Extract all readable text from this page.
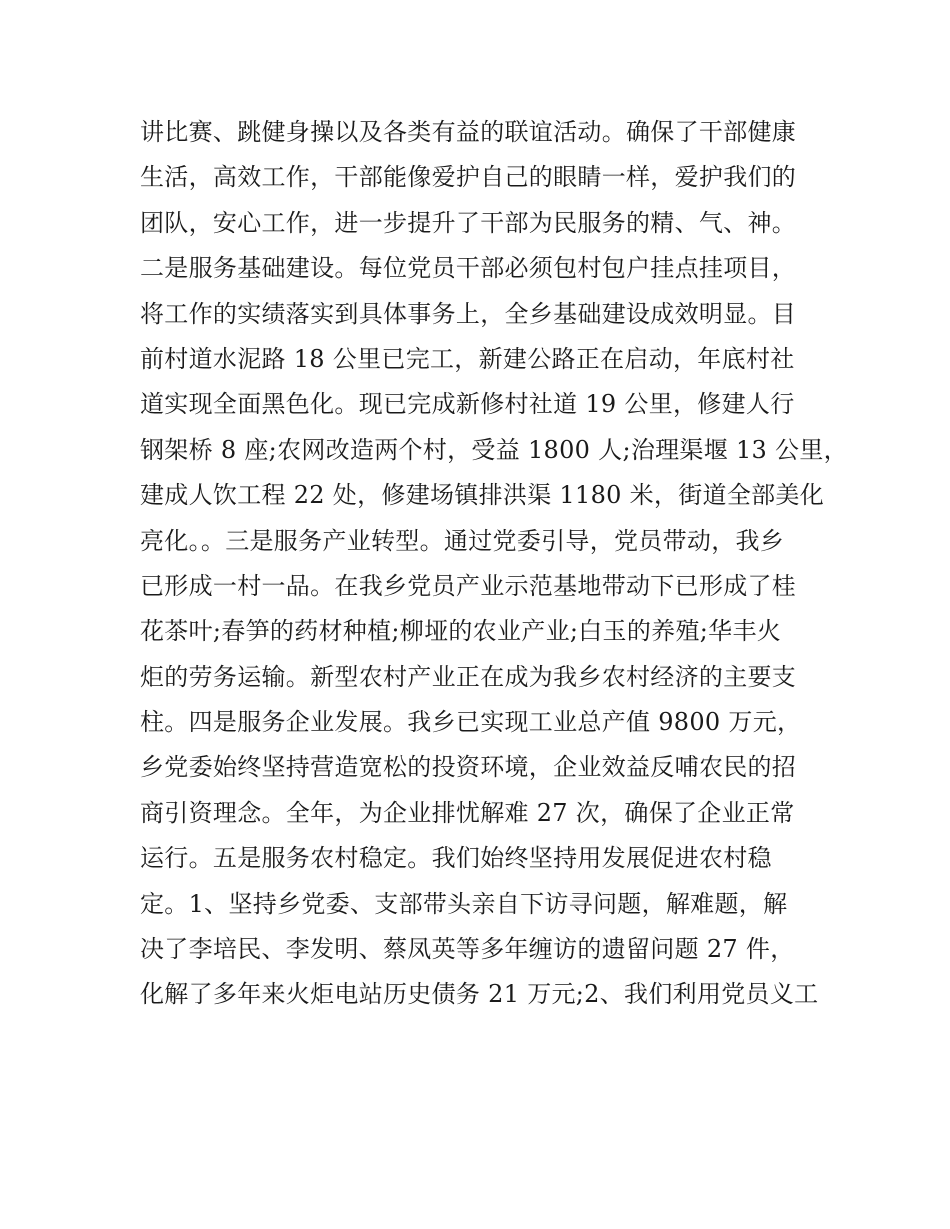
讲比赛、跳健身操以及各类有益的联谊活动。确保了干部健康
生活，高效工作，干部能像爱护自己的眼睛一样，爱护我们的
团队，安心工作，进一步提升了干部为民服务的精、气、神。
二是服务基础建设。每位党员干部必须包村包户挂点挂项目，
将工作的实绩落实到具体事务上，全乡基础建设成效明显。目
前村道水泥路 18 公里已完工，新建公路正在启动，年底村社
道实现全面黑色化。现已完成新修村社道 19 公里，修建人行
钢架桥 8 座;农网改造两个村，受益 1800 人;治理渠堰 13 公里，
建成人饮工程 22 处，修建场镇排洪渠 1180 米，街道全部美化
亮化。。三是服务产业转型。通过党委引导，党员带动，我乡
已形成一村一品。在我乡党员产业示范基地带动下已形成了桂
花茶叶;春笋的药材种植;柳垭的农业产业;白玉的养殖;华丰火
炬的劳务运输。新型农村产业正在成为我乡农村经济的主要支
柱。四是服务企业发展。我乡已实现工业总产值 9800 万元，
乡党委始终坚持营造宽松的投资环境，企业效益反哺农民的招
商引资理念。全年，为企业排忧解难 27 次，确保了企业正常
运行。五是服务农村稳定。我们始终坚持用发展促进农村稳
定。1、坚持乡党委、支部带头亲自下访寻问题，解难题，解
决了李培民、李发明、蔡凤英等多年缠访的遗留问题 27 件，
化解了多年来火炬电站历史债务 21 万元;2、我们利用党员义工
